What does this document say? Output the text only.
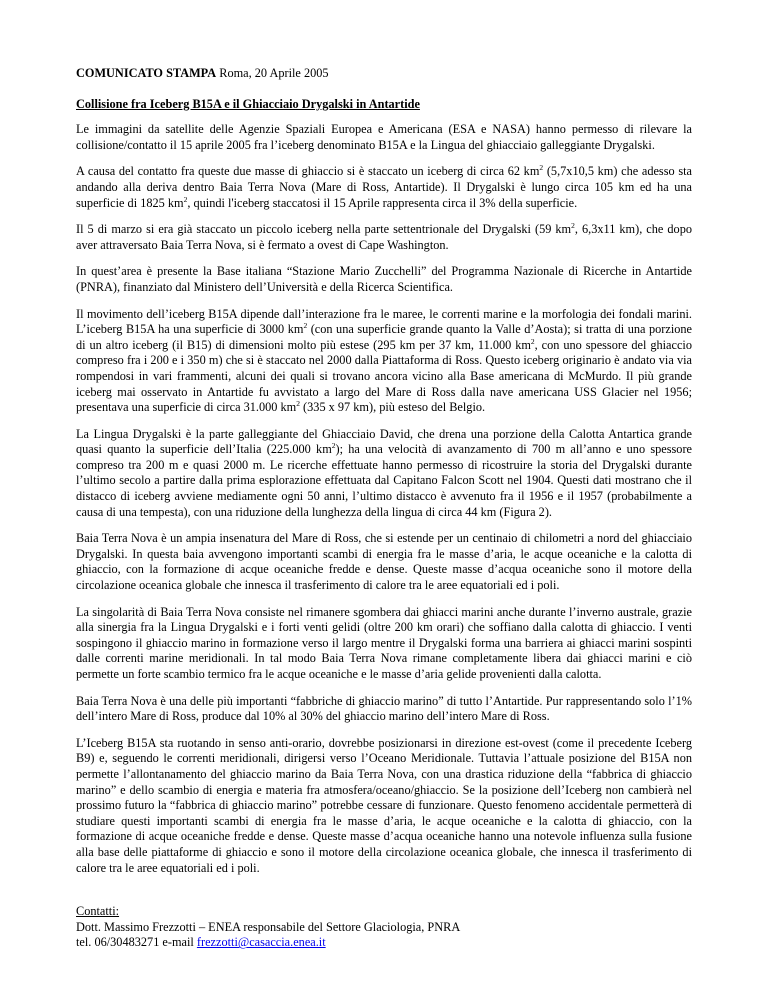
COMUNICATO STAMPA Roma, 20 Aprile 2005
Collisione fra Iceberg B15A e il Ghiacciaio Drygalski in Antartide

Le immagini da satellite delle Agenzie Spaziali Europea e Americana (ESA e NASA) hanno permesso di rilevare la collisione/contatto il 15 aprile 2005 fra l’iceberg denominato B15A e la Lingua del ghiacciaio galleggiante Drygalski.

A causa del contatto fra queste due masse di ghiaccio si è staccato un iceberg di circa 62 $km^2$ (5,7x10,5 km) che adesso sta andando alla deriva dentro Baia Terra Nova (Mare di Ross, Antartide). Il Drygalski è lungo circa 105 km ed ha una superficie di 1825 $km^2$, quindi l'iceberg staccatosi il 15 Aprile rappresenta circa il 3% della superficie.

Il 5 di marzo si era già staccato un piccolo iceberg nella parte settentrionale del Drygalski (59 $km^2$, 6,3x11 km), che dopo aver attraversato Baia Terra Nova, si è fermato a ovest di Cape Washington.

In quest’area è presente la Base italiana “Stazione Mario Zucchelli” del Programma Nazionale di Ricerche in Antartide (PNRA), finanziato dal Ministero dell’Università e della Ricerca Scientifica.

Il movimento dell’iceberg B15A dipende dall’interazione fra le maree, le correnti marine e la morfologia dei fondali marini. L’iceberg B15A ha una superficie di 3000 $km^2$ (con una superficie grande quanto la Valle d’Aosta); si tratta di una porzione di un altro iceberg (il B15) di dimensioni molto più estese (295 km per 37 km, 11.000 $km^2$, con uno spessore del ghiaccio compreso fra i 200 e i 350 m) che si è staccato nel 2000 dalla Piattaforma di Ross. Questo iceberg originario è andato via via rompendosi in vari frammenti, alcuni dei quali si trovano ancora vicino alla Base americana di McMurdo. Il più grande iceberg mai osservato in Antartide fu avvistato a largo del Mare di Ross dalla nave americana USS Glacier nel 1956; presentava una superficie di circa 31.000 $km^2$ (335 x 97 km), più esteso del Belgio.

La Lingua Drygalski è la parte galleggiante del Ghiacciaio David, che drena una porzione della Calotta Antartica grande quasi quanto la superficie dell’Italia (225.000 $km^2$); ha una velocità di avanzamento di 700 m all’anno e uno spessore compreso tra 200 m e quasi 2000 m. Le ricerche effettuate hanno permesso di ricostruire la storia del Drygalski durante l’ultimo secolo a partire dalla prima esplorazione effettuata dal Capitano Falcon Scott nel 1904. Questi dati mostrano che il distacco di iceberg avviene mediamente ogni 50 anni, l’ultimo distacco è avvenuto fra il 1956 e il 1957 (probabilmente a causa di una tempesta), con una riduzione della lunghezza della lingua di circa 44 km (Figura 2).

Baia Terra Nova è un ampia insenatura del Mare di Ross, che si estende per un centinaio di chilometri a nord del ghiacciaio Drygalski. In questa baia avvengono importanti scambi di energia fra le masse d’aria, le acque oceaniche e la calotta di ghiaccio, con la formazione di acque oceaniche fredde e dense. Queste masse d’acqua oceaniche sono il motore della circolazione oceanica globale che innesca il trasferimento di calore tra le aree equatoriali ed i poli.

La singolarità di Baia Terra Nova consiste nel rimanere sgombera dai ghiacci marini anche durante l’inverno australe, grazie alla sinergia fra la Lingua Drygalski e i forti venti gelidi (oltre 200 km orari) che soffiano dalla calotta di ghiaccio. I venti sospingono il ghiaccio marino in formazione verso il largo mentre il Drygalski forma una barriera ai ghiacci marini sospinti dalle correnti marine meridionali. In tal modo Baia Terra Nova rimane completamente libera dai ghiacci marini e ciò permette un forte scambio termico fra le acque oceaniche e le masse d’aria gelide provenienti dalla calotta.

Baia Terra Nova è una delle più importanti “fabbriche di ghiaccio marino” di tutto l’Antartide. Pur rappresentando solo l’1% dell’intero Mare di Ross, produce dal 10% al 30% del ghiaccio marino dell’intero Mare di Ross.

L’Iceberg B15A sta ruotando in senso anti-orario, dovrebbe posizionarsi in direzione est-ovest (come il precedente Iceberg B9) e, seguendo le correnti meridionali, dirigersi verso l’Oceano Meridionale. Tuttavia l’attuale posizione del B15A non permette l’allontanamento del ghiaccio marino da Baia Terra Nova, con una drastica riduzione della “fabbrica di ghiaccio marino” e dello scambio di energia e materia fra atmosfera/oceano/ghiaccio. Se la posizione dell’Iceberg non cambierà nel prossimo futuro la “fabbrica di ghiaccio marino” potrebbe cessare di funzionare. Questo fenomeno accidentale permetterà di studiare questi importanti scambi di energia fra le masse d’aria, le acque oceaniche e la calotta di ghiaccio, con la formazione di acque oceaniche fredde e dense. Queste masse d’acqua oceaniche hanno una notevole influenza sulla fusione alla base delle piattaforme di ghiaccio e sono il motore della circolazione oceanica globale, che innesca il trasferimento di calore tra le aree equatoriali ed i poli.

Contatti:
Dott. Massimo Frezzotti – ENEA responsabile del Settore Glaciologia, PNRA
tel. 06/30483271 e-mail frezzotti@casaccia.enea.it
